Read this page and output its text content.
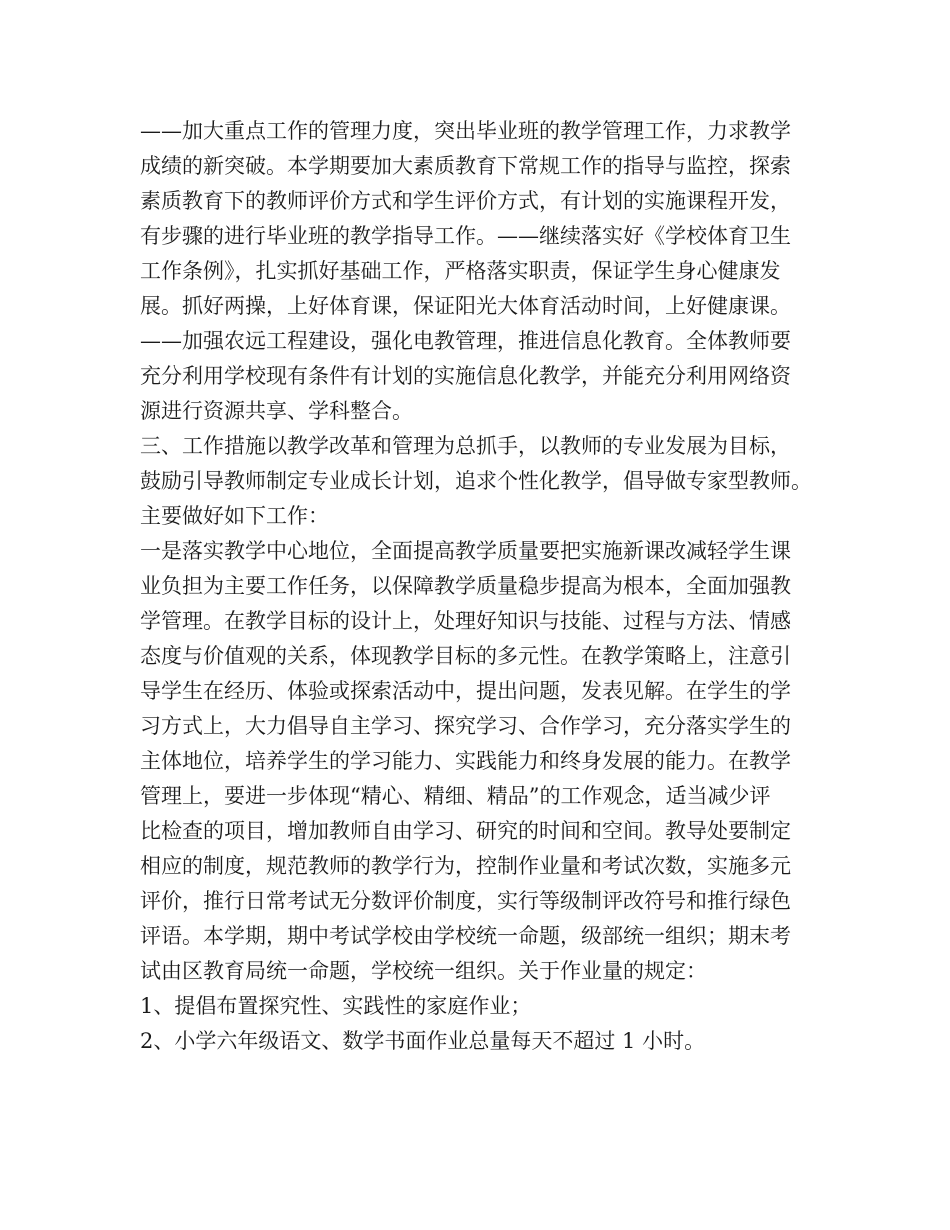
——加大重点工作的管理力度，突出毕业班的教学管理工作，力求教学
成绩的新突破。本学期要加大素质教育下常规工作的指导与监控，探索
素质教育下的教师评价方式和学生评价方式，有计划的实施课程开发，
有步骤的进行毕业班的教学指导工作。——继续落实好《学校体育卫生
工作条例》，扎实抓好基础工作，严格落实职责，保证学生身心健康发
展。抓好两操，上好体育课，保证阳光大体育活动时间，上好健康课。
——加强农远工程建设，强化电教管理，推进信息化教育。全体教师要
充分利用学校现有条件有计划的实施信息化教学，并能充分利用网络资
源进行资源共享、学科整合。
三、工作措施以教学改革和管理为总抓手，以教师的专业发展为目标，
鼓励引导教师制定专业成长计划，追求个性化教学，倡导做专家型教师。
主要做好如下工作：
一是落实教学中心地位，全面提高教学质量要把实施新课改减轻学生课
业负担为主要工作任务，以保障教学质量稳步提高为根本，全面加强教
学管理。在教学目标的设计上，处理好知识与技能、过程与方法、情感
态度与价值观的关系，体现教学目标的多元性。在教学策略上，注意引
导学生在经历、体验或探索活动中，提出问题，发表见解。在学生的学
习方式上，大力倡导自主学习、探究学习、合作学习，充分落实学生的
主体地位，培养学生的学习能力、实践能力和终身发展的能力。在教学
管理上，要进一步体现“精心、精细、精品”的工作观念，适当减少评
比检查的项目，增加教师自由学习、研究的时间和空间。教导处要制定
相应的制度，规范教师的教学行为，控制作业量和考试次数，实施多元
评价，推行日常考试无分数评价制度，实行等级制评改符号和推行绿色
评语。本学期，期中考试学校由学校统一命题，级部统一组织；期末考
试由区教育局统一命题，学校统一组织。关于作业量的规定：
1、提倡布置探究性、实践性的家庭作业；
2、小学六年级语文、数学书面作业总量每天不超过 1 小时。
